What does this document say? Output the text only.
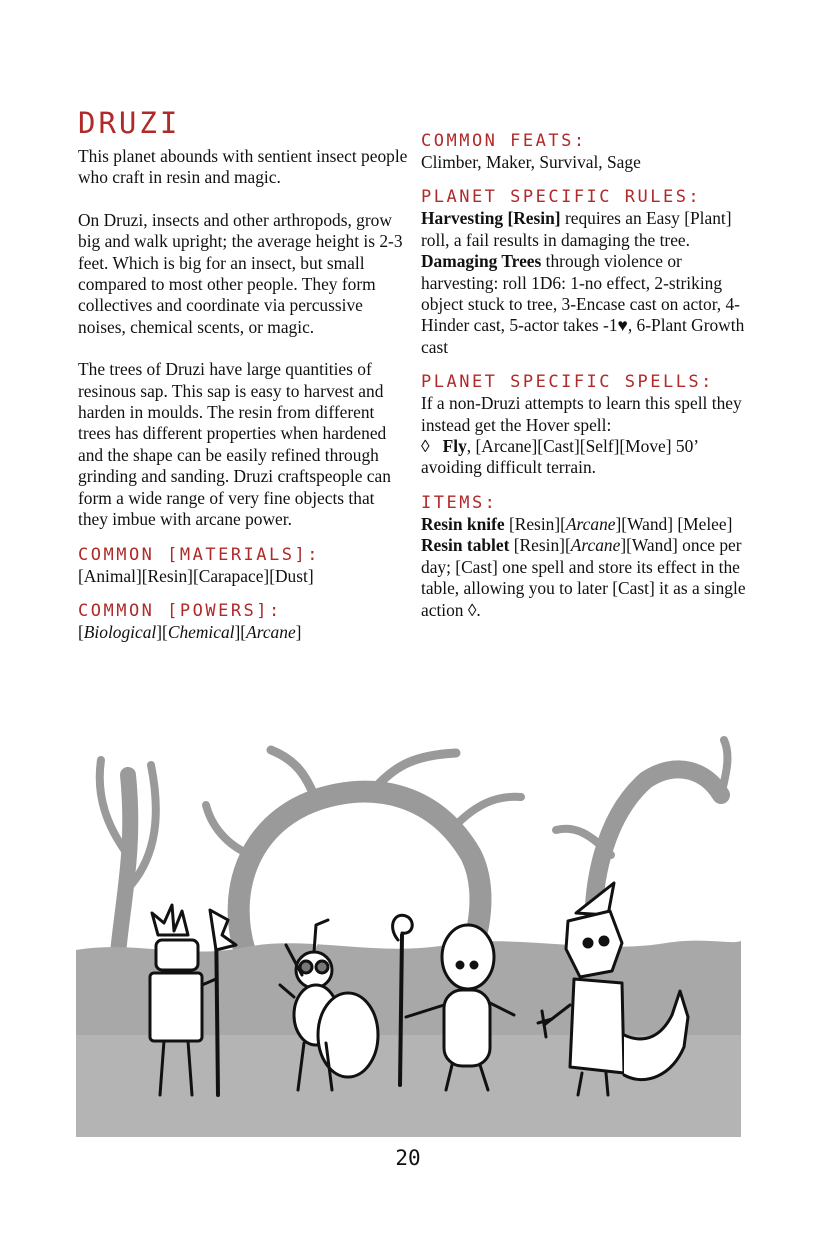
DRUZI

This planet abounds with sentient insect people who craft in resin and magic.

On Druzi, insects and other arthropods, grow big and walk upright; the average height is 2-3 feet. Which is big for an insect, but small compared to most other people. They form collectives and coordinate via percussive noises, chemical scents, or magic.

The trees of Druzi have large quantities of resinous sap. This sap is easy to harvest and harden in moulds. The resin from different trees has different properties when hardened and the shape can be easily refined through grinding and sanding. Druzi craftspeople can form a wide range of very fine objects that they imbue with arcane power.

COMMON [MATERIALS]:

[Animal][Resin][Carapace][Dust]

COMMON [POWERS]:

[Biological][Chemical][Arcane]

COMMON FEATS:

Climber, Maker, Survival, Sage

PLANET SPECIFIC RULES:

Harvesting [Resin] requires an Easy [Plant] roll, a fail results in damaging the tree.

Damaging Trees through violence or harvesting: roll 1D6: 1-no effect, 2-striking object stuck to tree, 3-Encase cast on actor, 4-Hinder cast, 5-actor takes -1♥, 6-Plant Growth cast

PLANET SPECIFIC SPELLS:

If a non-Druzi attempts to learn this spell they instead get the Hover spell:

◊ Fly, [Arcane][Cast][Self][Move] 50’ avoiding difficult terrain.

ITEMS:

Resin knife [Resin][Arcane][Wand] [Melee]

Resin tablet [Resin][Arcane][Wand] once per day; [Cast] one spell and store its effect in the table, allowing you to later [Cast] it as a single action ◊.

20
